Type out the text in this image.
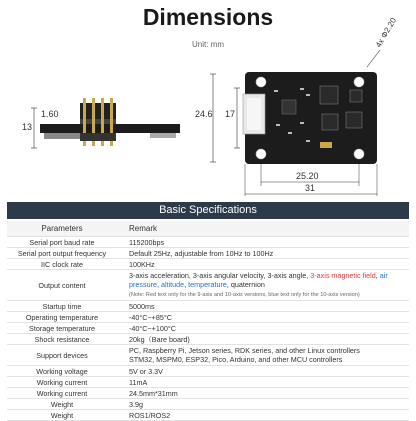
Dimensions
Unit: mm
13
1.60	24.6 17
4x Φ2.20
25.20
31
Basic Specifications
Parameters	Remark
Serial port baud rate	115200bps
Serial port output frequency	Default 25Hz, adjustable from 10Hz to 100Hz
IIC clock rate	100KHz
Output content	3-axis acceleration, 3-axis angular velocity, 3-axis angle, 3-axis magnetic field, air pressure, altitude, temperature, quaternion
(Note: Red text only for the 9-axis and 10-axis versions, blue text only for the 10-axis version)
Startup time	5000ms
Operating temperature	-40°C~+85°C
Storage temperature	-40°C~+100°C
Shock resistance	20kg（Bare board)
Support devices	PC, Raspberry Pi, Jetson series, RDK series, and other Linux controllers
STM32, MSPM0, ESP32, Pico, Arduino, and other MCU controllers
Working voltage	5V or 3.3V
Working current	11mA
Working current	24.5mm*31mm
Weight	3.9g
Weight	ROS1/ROS2
